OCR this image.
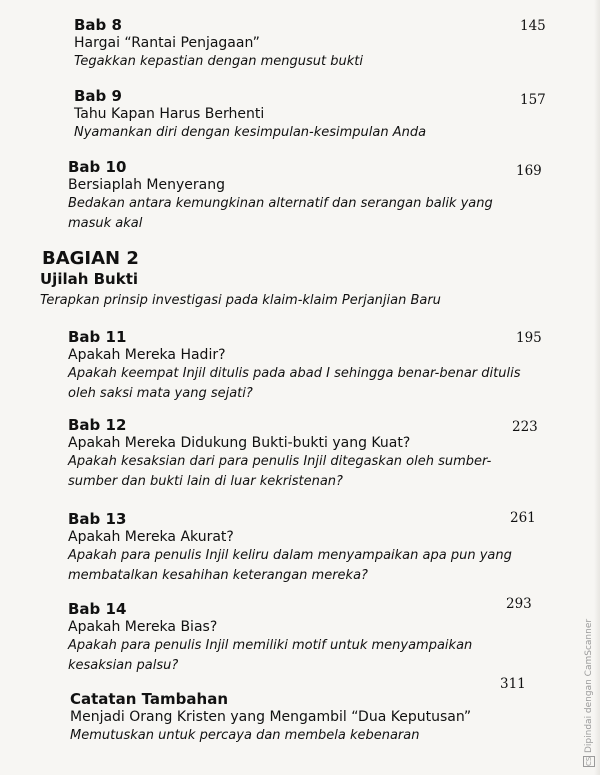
Bab 8
Hargai “Rantai Penjagaan”
Tegakkan kepastian dengan mengusut bukti
145
Bab 9
Tahu Kapan Harus Berhenti
Nyamankan diri dengan kesimpulan-kesimpulan Anda
157
Bab 10
Bersiaplah Menyerang
Bedakan antara kemungkinan alternatif dan serangan balik yang
masuk akal
169
BAGIAN 2
Ujilah Bukti
Terapkan prinsip investigasi pada klaim-klaim Perjanjian Baru
Bab 11
Apakah Mereka Hadir?
Apakah keempat Injil ditulis pada abad I sehingga benar-benar ditulis
oleh saksi mata yang sejati?
195
Bab 12
Apakah Mereka Didukung Bukti-bukti yang Kuat?
Apakah kesaksian dari para penulis Injil ditegaskan oleh sumber-
sumber dan bukti lain di luar kekristenan?
223
Bab 13
Apakah Mereka Akurat?
Apakah para penulis Injil keliru dalam menyampaikan apa pun yang
membatalkan kesahihan keterangan mereka?
261
Bab 14
Apakah Mereka Bias?
Apakah para penulis Injil memiliki motif untuk menyampaikan
kesaksian palsu?
293
Catatan Tambahan
Menjadi Orang Kristen yang Mengambil “Dua Keputusan”
Memutuskan untuk percaya dan membela kebenaran
311
CS
Dipindai dengan CamScanner
